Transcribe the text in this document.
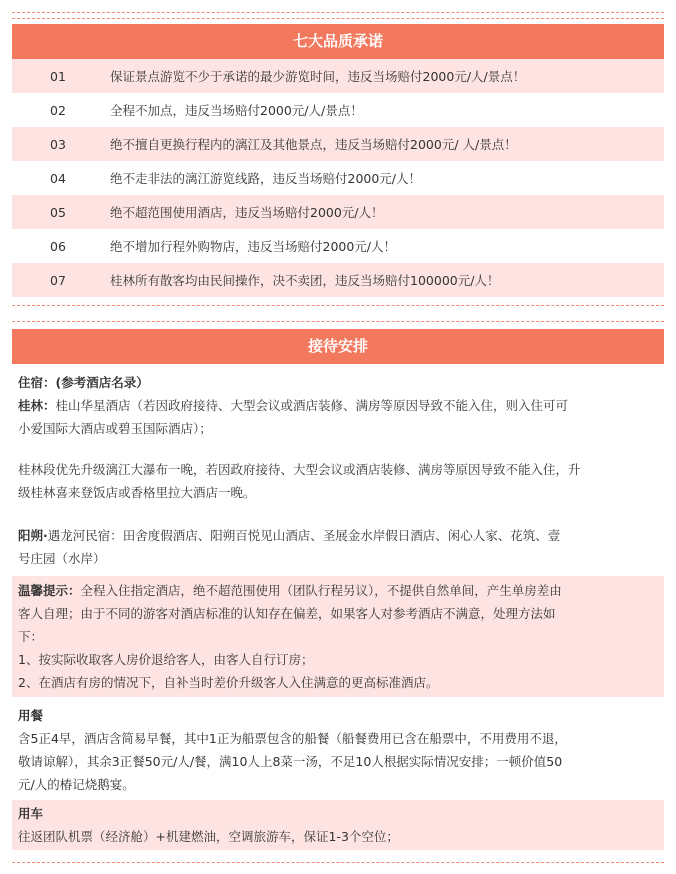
七大品质承诺
01	保证景点游览不少于承诺的最少游览时间，违反当场赔付2000元/人/景点！
02	全程不加点，违反当场赔付2000元/人/景点！
03	绝不擅自更换行程内的漓江及其他景点，违反当场赔付2000元/ 人/景点！
04	绝不走非法的漓江游览线路，违反当场赔付2000元/人！
05	绝不超范围使用酒店，违反当场赔付2000元/人！
06	绝不增加行程外购物店，违反当场赔付2000元/人！
07	桂林所有散客均由民间操作，决不卖团，违反当场赔付100000元/人！
接待安排
住宿：(参考酒店名录）
桂林：桂山华星酒店（若因政府接待、大型会议或酒店装修、满房等原因导致不能入住，则入住可可
小爱国际大酒店或碧玉国际酒店）；
桂林段优先升级漓江大瀑布一晚，若因政府接待、大型会议或酒店装修、满房等原因导致不能入住，升
级桂林喜来登饭店或香格里拉大酒店一晚。
阳朔·遇龙河民宿：田舍度假酒店、阳朔百悦见山酒店、圣展金水岸假日酒店、闲心人家、花筑、壹
号庄园（水岸）
温馨提示：全程入住指定酒店，绝不超范围使用（团队行程另议），不提供自然单间，产生单房差由
客人自理；由于不同的游客对酒店标准的认知存在偏差，如果客人对参考酒店不满意，处理方法如
下：
1、按实际收取客人房价退给客人，由客人自行订房；
2、在酒店有房的情况下，自补当时差价升级客人入住满意的更高标准酒店。
用餐
含5正4早，酒店含简易早餐，其中1正为船票包含的船餐（船餐费用已含在船票中，不用费用不退，
敬请谅解），其余3正餐50元/人/餐，满10人上8菜一汤，不足10人根据实际情况安排；一顿价值50
元/人的椿记烧鹅宴。
用车
往返团队机票（经济舱）+机建燃油，空调旅游车，保证1-3个空位；
